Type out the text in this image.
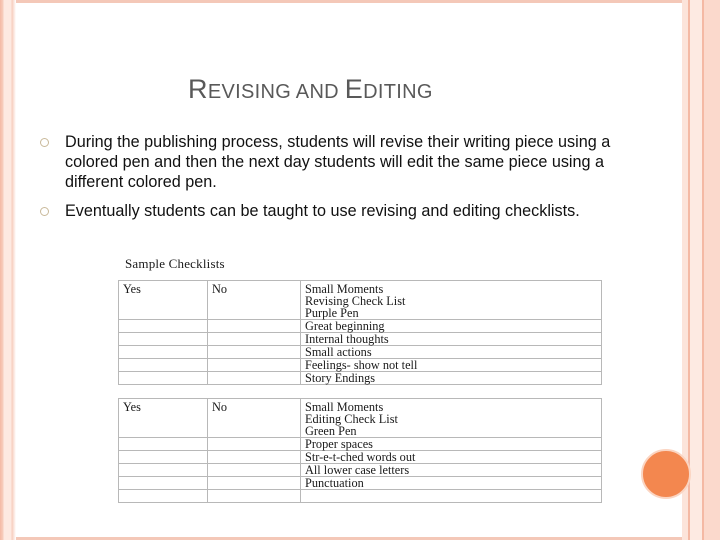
REVISING AND EDITING
During the publishing process, students will revise their writing piece using a colored pen and then the next day students will edit the same piece using a different colored pen.
Eventually students can be taught to use revising and editing checklists.
Sample Checklists
Yes	No	Small Moments
Revising Check List
Purple Pen

		Great beginning
		Internal thoughts
		Small actions
		Feelings- show not tell
		Story Endings
Yes	No	Small Moments
Editing Check List
Green Pen

		Proper spaces
		Str-e-t-ched words out
		All lower case letters
		Punctuation
